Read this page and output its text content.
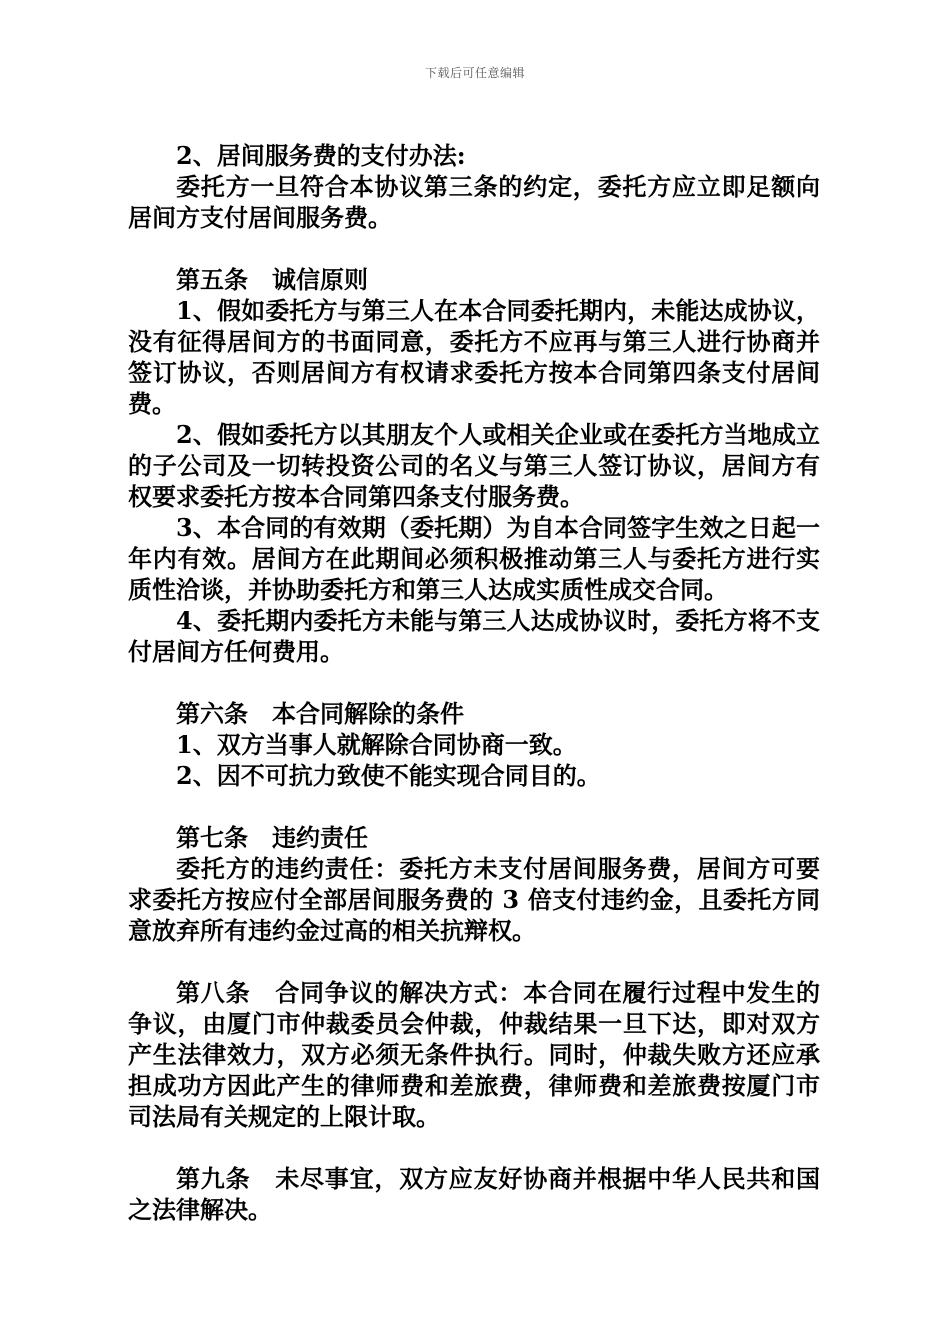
下载后可任意编辑

2、居间服务费的支付办法:

委托方一旦符合本协议第三条的约定，委托方应立即足额向居间方支付居间服务费。

第五条　诚信原则

1、假如委托方与第三人在本合同委托期内，未能达成协议，没有征得居间方的书面同意，委托方不应再与第三人进行协商并签订协议，否则居间方有权请求委托方按本合同第四条支付居间费。

2、假如委托方以其朋友个人或相关企业或在委托方当地成立的子公司及一切转投资公司的名义与第三人签订协议，居间方有权要求委托方按本合同第四条支付服务费。

3、本合同的有效期（委托期）为自本合同签字生效之日起一年内有效。居间方在此期间必须积极推动第三人与委托方进行实质性洽谈，并协助委托方和第三人达成实质性成交合同。

4、委托期内委托方未能与第三人达成协议时，委托方将不支付居间方任何费用。

第六条　本合同解除的条件

1、双方当事人就解除合同协商一致。

2、因不可抗力致使不能实现合同目的。

第七条　违约责任

委托方的违约责任：委托方未支付居间服务费，居间方可要求委托方按应付全部居间服务费的 3 倍支付违约金，且委托方同意放弃所有违约金过高的相关抗辩权。

第八条　合同争议的解决方式：本合同在履行过程中发生的争议，由厦门市仲裁委员会仲裁，仲裁结果一旦下达，即对双方产生法律效力，双方必须无条件执行。同时，仲裁失败方还应承担成功方因此产生的律师费和差旅费，律师费和差旅费按厦门市司法局有关规定的上限计取。

第九条　未尽事宜，双方应友好协商并根据中华人民共和国之法律解决。
